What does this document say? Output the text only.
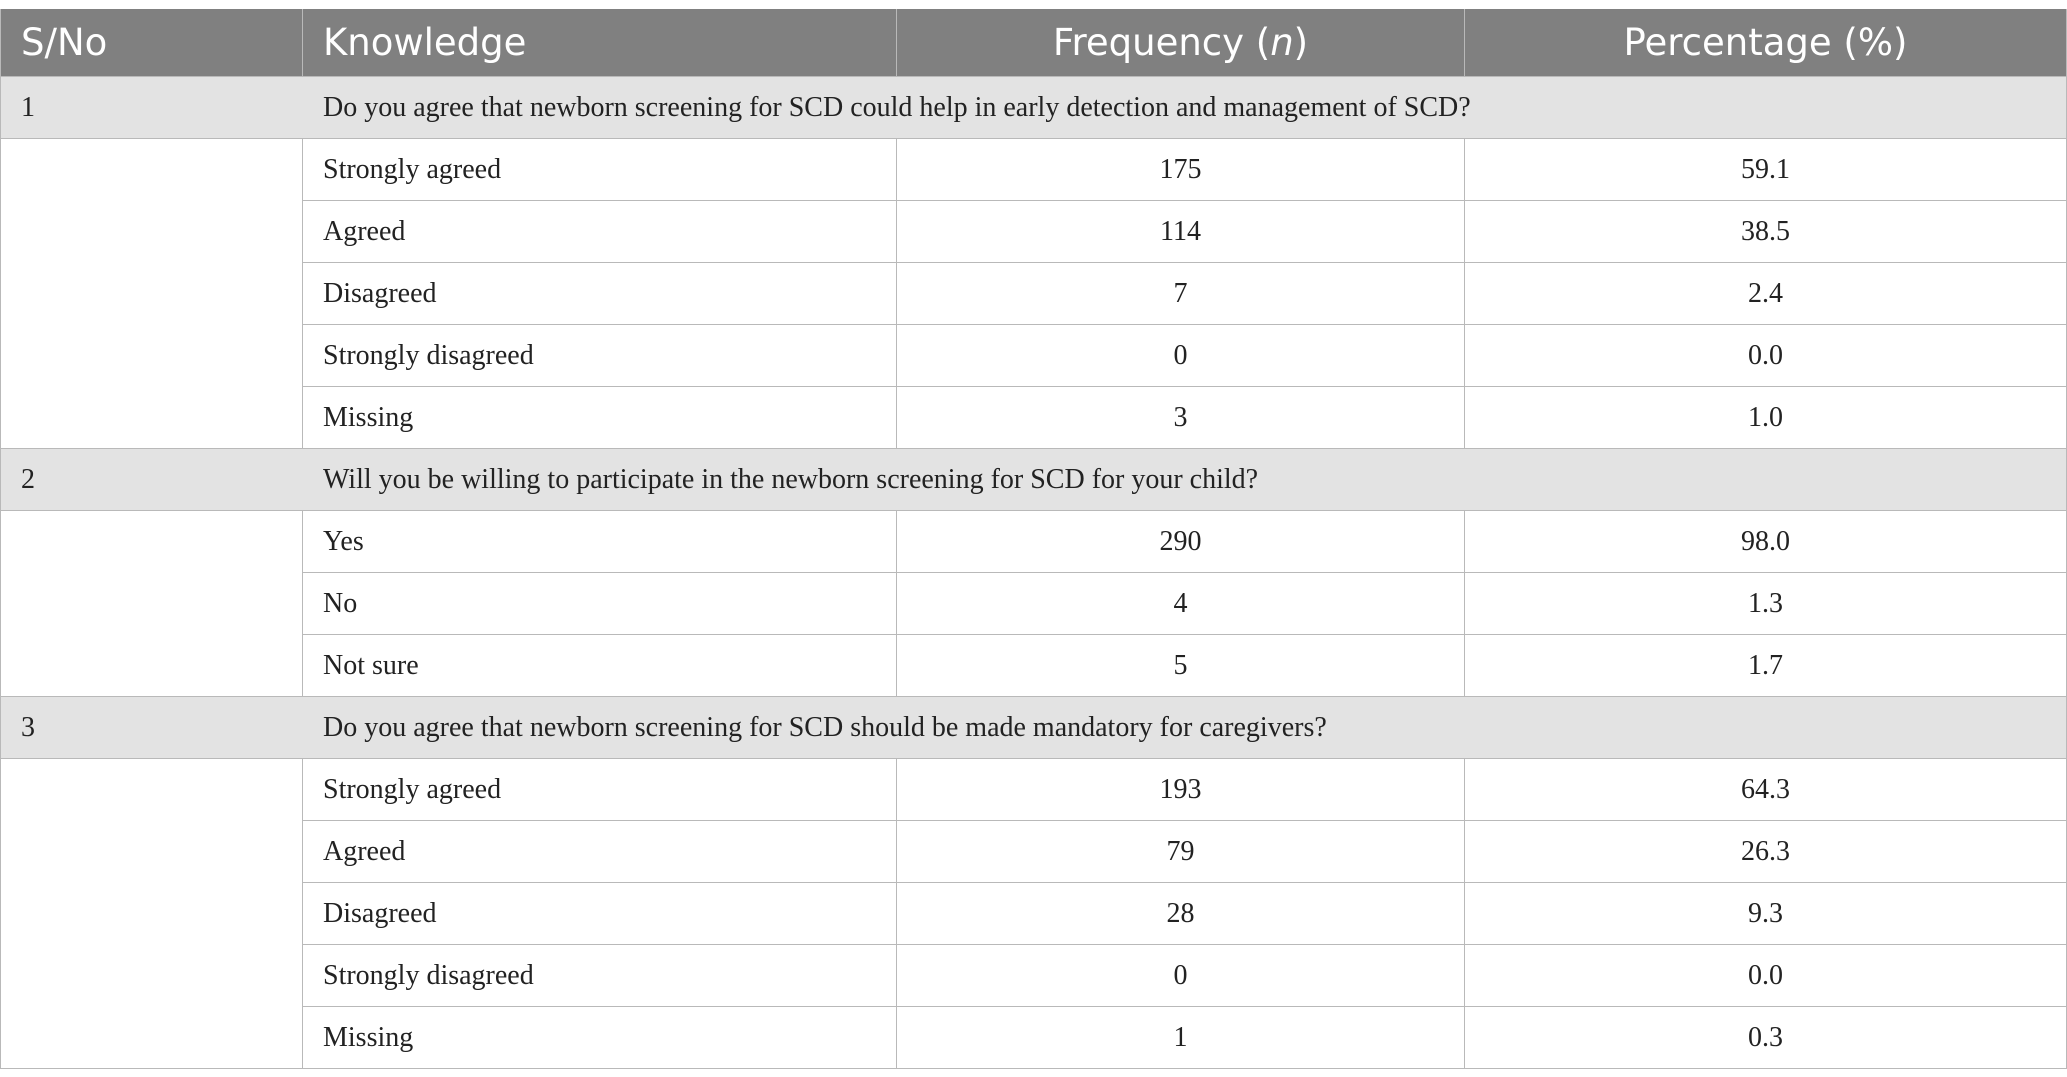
S/No	Knowledge	Frequency (n)	Percentage (%)
1	Do you agree that newborn screening for SCD could help in early detection and management of SCD?		
	Strongly agreed	175	59.1
	Agreed	114	38.5
	Disagreed	7	2.4
	Strongly disagreed	0	0.0
	Missing	3	1.0
2	Will you be willing to participate in the newborn screening for SCD for your child?		
	Yes	290	98.0
	No	4	1.3
	Not sure	5	1.7
3	Do you agree that newborn screening for SCD should be made mandatory for caregivers?		
	Strongly agreed	193	64.3
	Agreed	79	26.3
	Disagreed	28	9.3
	Strongly disagreed	0	0.0
	Missing	1	0.3
